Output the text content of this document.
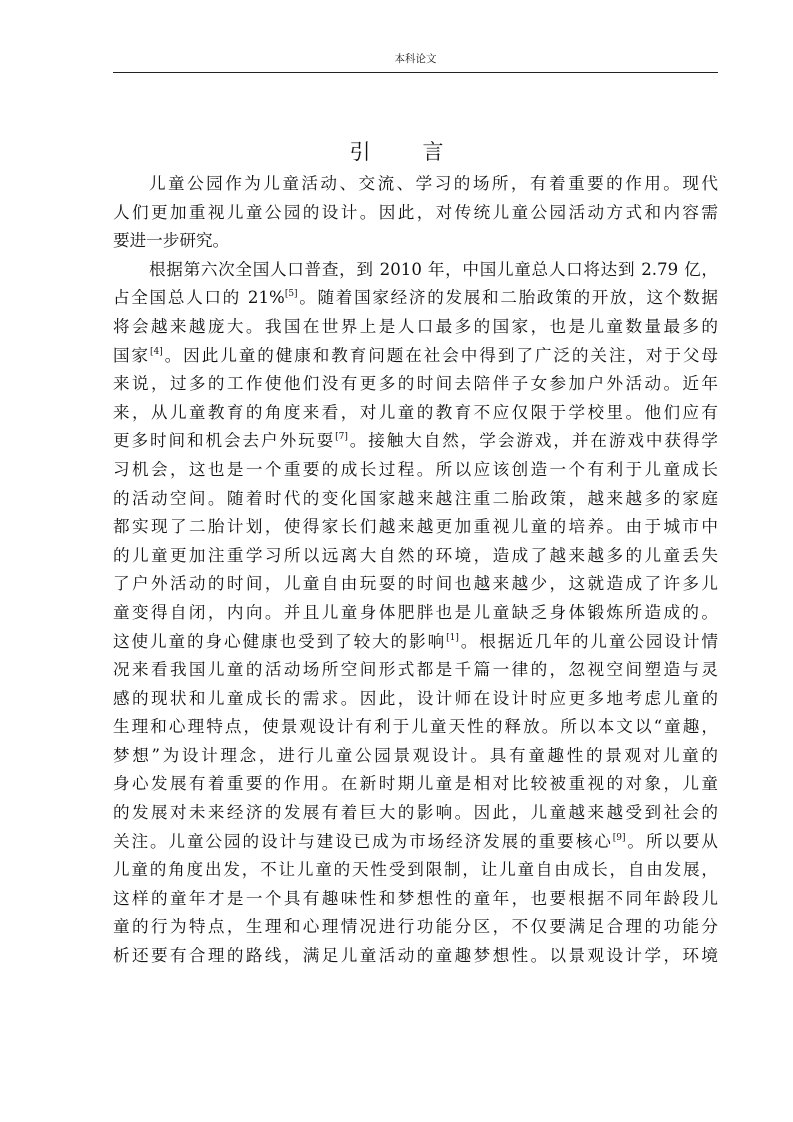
本科论文
引 言
儿童公园作为儿童活动、交流、学习的场所，有着重要的作用。现代
人们更加重视儿童公园的设计。因此，对传统儿童公园活动方式和内容需
要进一步研究。
根据第六次全国人口普查，到 2010 年，中国儿童总人口将达到 2.79 亿，
占全国总人口的 21%[5]。随着国家经济的发展和二胎政策的开放，这个数据
将会越来越庞大。我国在世界上是人口最多的国家，也是儿童数量最多的
国家[4]。因此儿童的健康和教育问题在社会中得到了广泛的关注，对于父母
来说，过多的工作使他们没有更多的时间去陪伴子女参加户外活动。近年
来，从儿童教育的角度来看，对儿童的教育不应仅限于学校里。他们应有
更多时间和机会去户外玩耍[7]。接触大自然，学会游戏，并在游戏中获得学
习机会，这也是一个重要的成长过程。所以应该创造一个有利于儿童成长
的活动空间。随着时代的变化国家越来越注重二胎政策，越来越多的家庭
都实现了二胎计划，使得家长们越来越更加重视儿童的培养。由于城市中
的儿童更加注重学习所以远离大自然的环境，造成了越来越多的儿童丢失
了户外活动的时间，儿童自由玩耍的时间也越来越少，这就造成了许多儿
童变得自闭，内向。并且儿童身体肥胖也是儿童缺乏身体锻炼所造成的。
这使儿童的身心健康也受到了较大的影响[1]。根据近几年的儿童公园设计情
况来看我国儿童的活动场所空间形式都是千篇一律的，忽视空间塑造与灵
感的现状和儿童成长的需求。因此，设计师在设计时应更多地考虑儿童的
生理和心理特点，使景观设计有利于儿童天性的释放。所以本文以“童趣，
梦想”为设计理念，进行儿童公园景观设计。具有童趣性的景观对儿童的
身心发展有着重要的作用。在新时期儿童是相对比较被重视的对象，儿童
的发展对未来经济的发展有着巨大的影响。因此，儿童越来越受到社会的
关注。儿童公园的设计与建设已成为市场经济发展的重要核心[9]。所以要从
儿童的角度出发，不让儿童的天性受到限制，让儿童自由成长，自由发展，
这样的童年才是一个具有趣味性和梦想性的童年，也要根据不同年龄段儿
童的行为特点，生理和心理情况进行功能分区，不仅要满足合理的功能分
析还要有合理的路线，满足儿童活动的童趣梦想性。以景观设计学，环境
